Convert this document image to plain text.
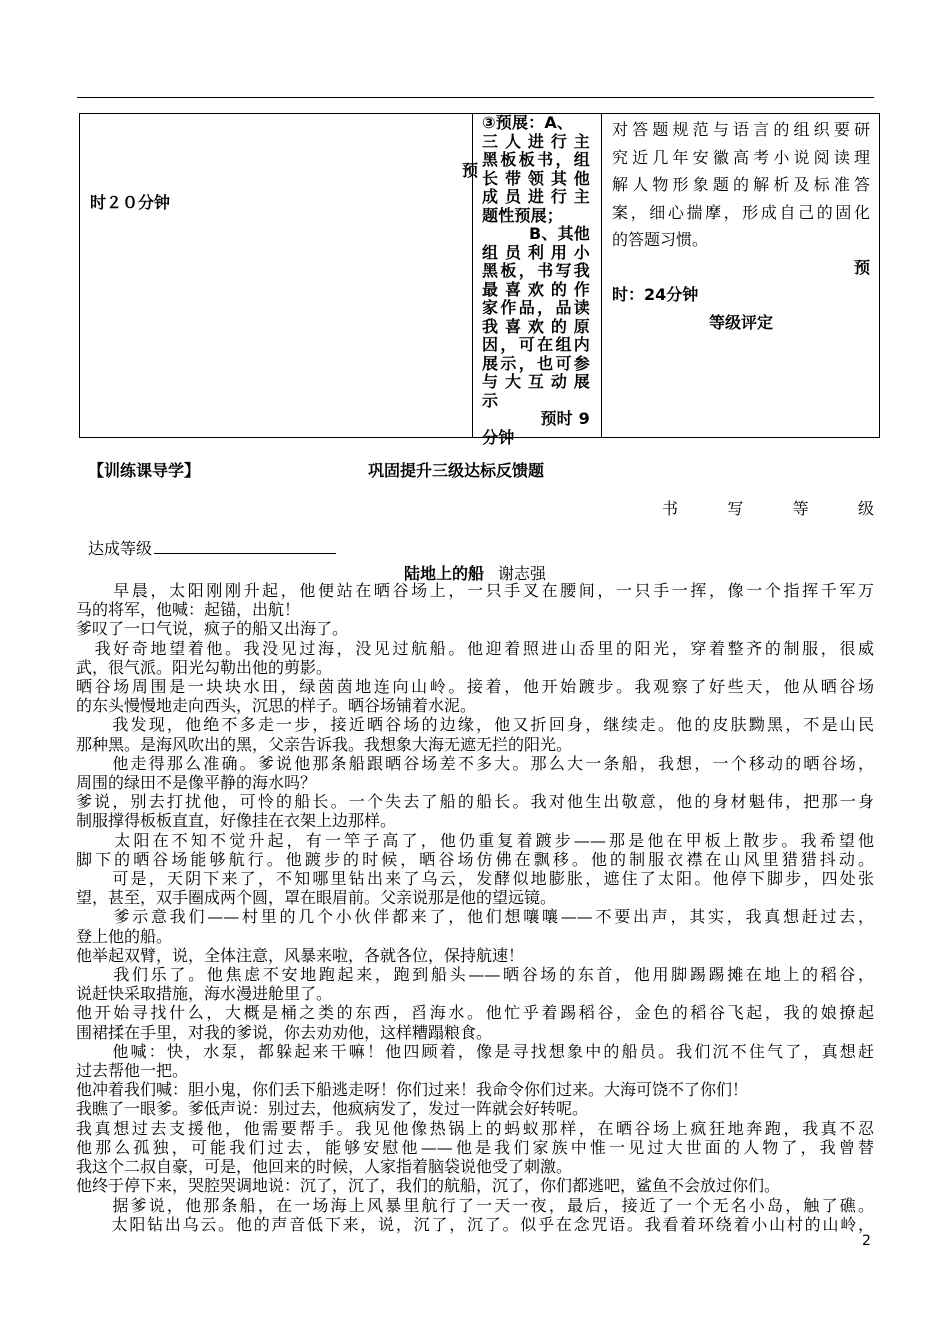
时２０分钟
预
③预展：A、
三人进行主
黑板板书，组
长带领其他
成员进行主
题性预展；
B、其他
组员利用小
黑板，书写我
最喜欢的作
家作品，品读
我喜欢的原
因，可在组内
展示，也可参
与大互动展
示
预时 9
分钟
对答题规范与语言的组织要研
究近几年安徽高考小说阅读理
解人物形象题的解析及标准答
案，细心揣摩，形成自己的固化
的答题习惯。
预
时：24分钟
等级评定
【训练课导学】	巩固提升三级达标反馈题
书	写	等	级
达成等级
陆地上的船 谢志强
　　早晨，太阳刚刚升起，他便站在晒谷场上，一只手叉在腰间，一只手一挥，像一个指挥千军万
马的将军，他喊：起锚，出航！
爹叹了一口气说，疯子的船又出海了。
　我好奇地望着他。我没见过海，没见过航船。他迎着照进山岙里的阳光，穿着整齐的制服，很威
武，很气派。阳光勾勒出他的剪影。
晒谷场周围是一块块水田，绿茵茵地连向山岭。接着，他开始踱步。我观察了好些天，他从晒谷场
的东头慢慢地走向西头，沉思的样子。晒谷场铺着水泥。
　　我发现，他绝不多走一步，接近晒谷场的边缘，他又折回身，继续走。他的皮肤黝黑，不是山民
那种黑。是海风吹出的黑，父亲告诉我。我想象大海无遮无拦的阳光。
　　他走得那么准确。爹说他那条船跟晒谷场差不多大。那么大一条船，我想，一个移动的晒谷场，
周围的绿田不是像平静的海水吗？
爹说，别去打扰他，可怜的船长。一个失去了船的船长。我对他生出敬意，他的身材魁伟，把那一身
制服撑得板板直直，好像挂在衣架上边那样。
　　太阳在不知不觉升起，有一竿子高了，他仍重复着踱步——那是他在甲板上散步。我希望他
脚下的晒谷场能够航行。他踱步的时候，晒谷场仿佛在飘移。他的制服衣襟在山风里猎猎抖动。
　　可是，天阴下来了，不知哪里钻出来了乌云，发酵似地膨胀，遮住了太阳。他停下脚步，四处张
望，甚至，双手圈成两个圆，罩在眼眉前。父亲说那是他的望远镜。
　　爹示意我们——村里的几个小伙伴都来了，他们想嚷嚷——不要出声，其实，我真想赶过去，
登上他的船。
他举起双臂，说，全体注意，风暴来啦，各就各位，保持航速！
　　我们乐了。他焦虑不安地跑起来，跑到船头——晒谷场的东首，他用脚踢踢摊在地上的稻谷，
说赶快采取措施，海水漫进舱里了。
他开始寻找什么，大概是桶之类的东西，舀海水。他忙乎着踢稻谷，金色的稻谷飞起，我的娘撩起
围裙揉在手里，对我的爹说，你去劝劝他，这样糟蹋粮食。
　　他喊：快，水泵，都躲起来干嘛！他四顾着，像是寻找想象中的船员。我们沉不住气了，真想赶
过去帮他一把。
他冲着我们喊：胆小鬼，你们丢下船逃走呀！你们过来！我命令你们过来。大海可饶不了你们！
我瞧了一眼爹。爹低声说：别过去，他疯病发了，发过一阵就会好转呢。
我真想过去支援他，他需要帮手。我见他像热锅上的蚂蚁那样，在晒谷场上疯狂地奔跑，我真不忍
他那么孤独，可能我们过去，能够安慰他——他是我们家族中惟一见过大世面的人物了，我曾替
我这个二叔自豪，可是，他回来的时候，人家指着脑袋说他受了刺激。
他终于停下来，哭腔哭调地说：沉了，沉了，我们的航船，沉了，你们都逃吧，鲨鱼不会放过你们。
　　据爹说，他那条船，在一场海上风暴里航行了一天一夜，最后，接近了一个无名小岛，触了礁。
　　太阳钻出乌云。他的声音低下来，说，沉了，沉了。似乎在念咒语。我看着环绕着小山村的山岭，
2
